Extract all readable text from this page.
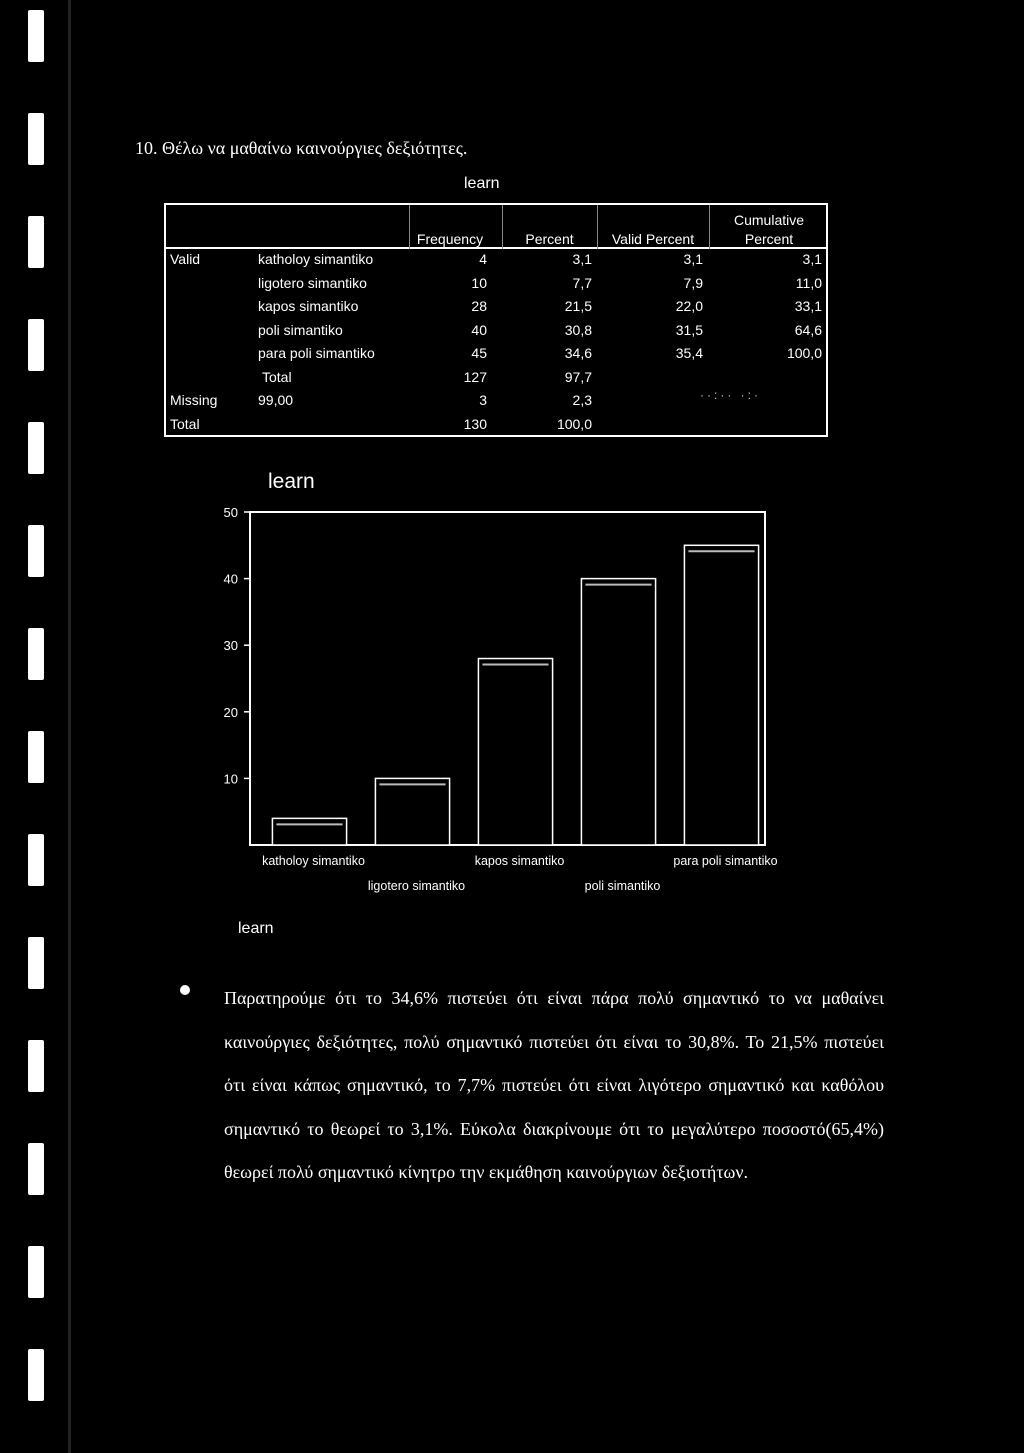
10. Θέλω να μαθαίνω καινούργιες δεξιότητες.
learn
Frequency	Percent	Valid Percent
Cumulative
Percent
Valid	katholoy simantiko	4	3,1	3,1	3,1
ligotero simantiko	10	7,7	7,9	11,0
kapos simantiko	28	21,5	22,0	33,1
poli simantiko	40	30,8	31,5	64,6
para poli simantiko	45	34,6	35,4	100,0
Total	127	97,7
Missing	99,00	3	2,3
Total	130	100,0
··:·· ·:·
learn
10
20
30
40
50
katholoy simantiko
ligotero simantiko
kapos simantiko
poli simantiko
para poli simantiko
learn

Παρατηρούμε ότι το 34,6% πιστεύει ότι είναι πάρα πολύ σημαντικό το να μαθαίνει καινούργιες δεξιότητες, πολύ σημαντικό πιστεύει ότι είναι το 30,8%. Το 21,5% πιστεύει ότι είναι κάπως σημαντικό, το 7,7% πιστεύει ότι είναι λιγότερο σημαντικό και καθόλου σημαντικό το θεωρεί το 3,1%. Εύκολα διακρίνουμε ότι το μεγαλύτερο ποσοστό(65,4%) θεωρεί πολύ σημαντικό κίνητρο την εκμάθηση καινούργιων δεξιοτήτων.
